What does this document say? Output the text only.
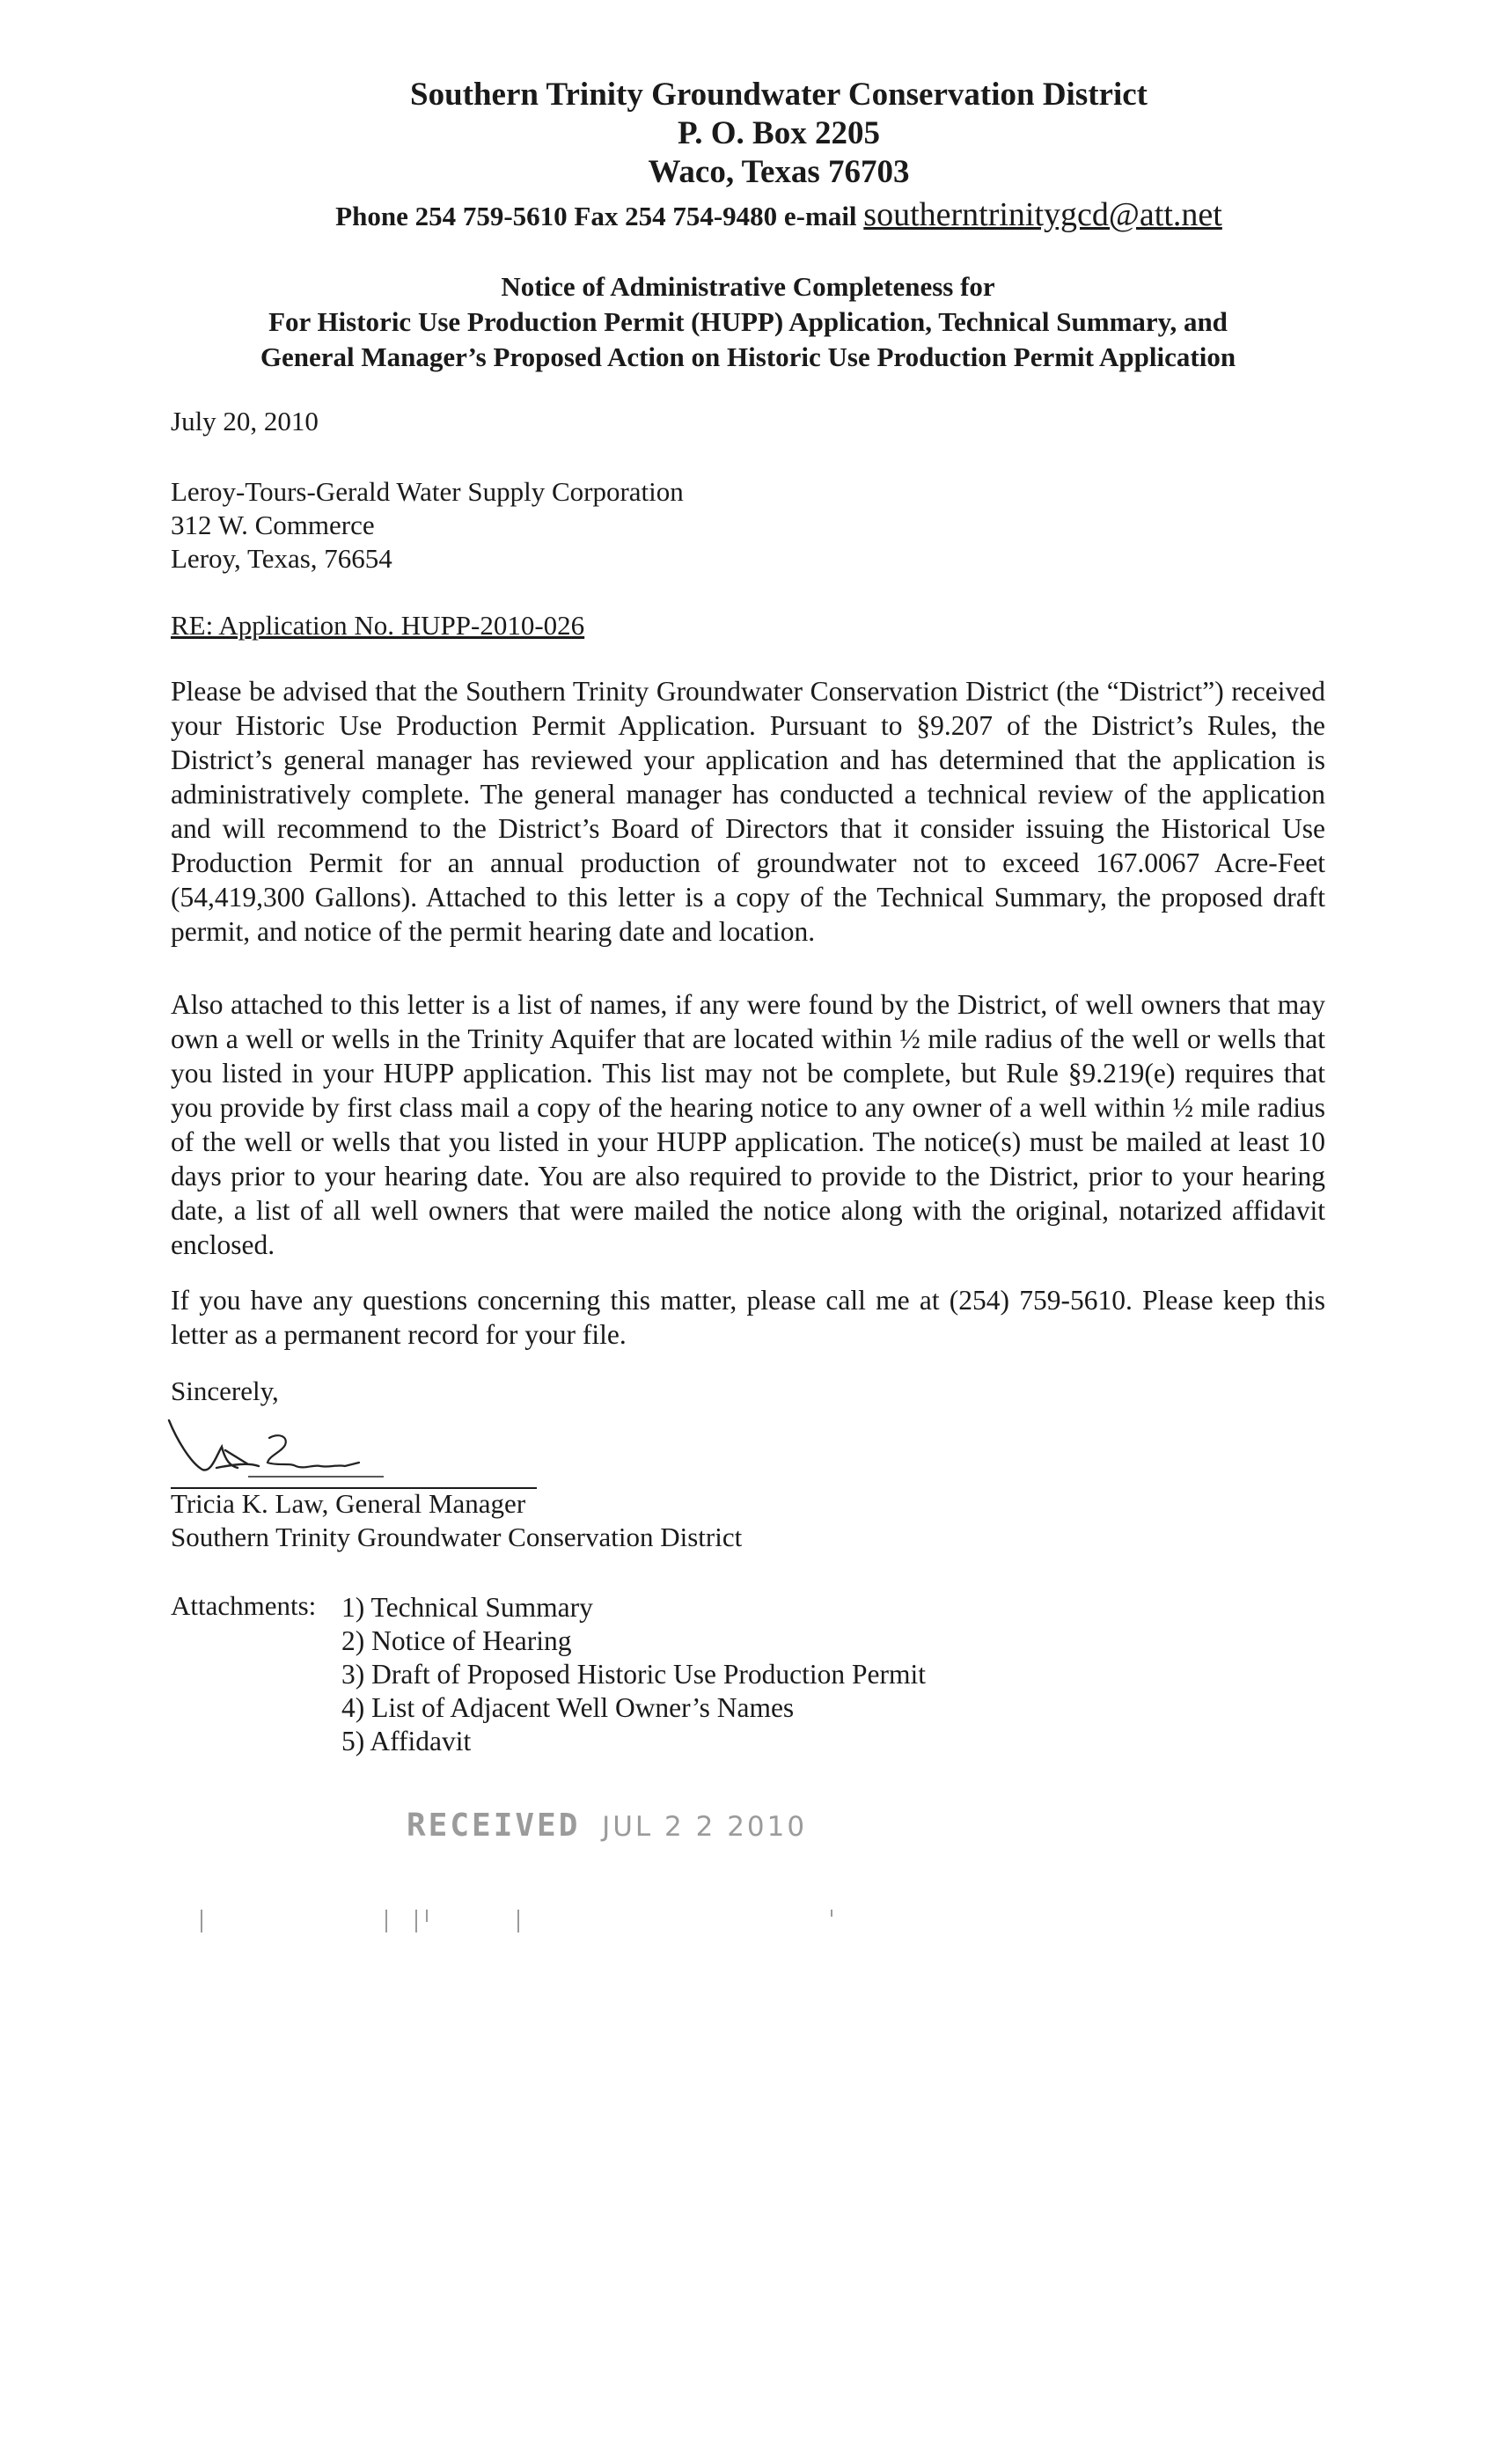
Southern Trinity Groundwater Conservation District
P. O. Box 2205
Waco, Texas 76703
Phone 254 759-5610 Fax 254 754-9480 e-mail southerntrinitygcd@att.net
Notice of Administrative Completeness for
For Historic Use Production Permit (HUPP) Application, Technical Summary, and
General Manager’s Proposed Action on Historic Use Production Permit Application
July 20, 2010
Leroy-Tours-Gerald Water Supply Corporation
312 W. Commerce
Leroy, Texas, 76654
RE: Application No. HUPP-2010-026
Please be advised that the Southern Trinity Groundwater Conservation District (the “District”) received your Historic Use Production Permit Application. Pursuant to §9.207 of the District’s Rules, the District’s general manager has reviewed your application and has determined that the application is administratively complete. The general manager has conducted a technical review of the application and will recommend to the District’s Board of Directors that it consider issuing the Historical Use Production Permit for an annual production of groundwater not to exceed 167.0067 Acre-Feet (54,419,300 Gallons). Attached to this letter is a copy of the Technical Summary, the proposed draft permit, and notice of the permit hearing date and location.
Also attached to this letter is a list of names, if any were found by the District, of well owners that may own a well or wells in the Trinity Aquifer that are located within ½ mile radius of the well or wells that you listed in your HUPP application. This list may not be complete, but Rule §9.219(e) requires that you provide by first class mail a copy of the hearing notice to any owner of a well within ½ mile radius of the well or wells that you listed in your HUPP application. The notice(s) must be mailed at least 10 days prior to your hearing date. You are also required to provide to the District, prior to your hearing date, a list of all well owners that were mailed the notice along with the original, notarized affidavit enclosed.
If you have any questions concerning this matter, please call me at (254) 759-5610. Please keep this letter as a permanent record for your file.
Sincerely,
Tricia K. Law, General Manager
Southern Trinity Groundwater Conservation District
Attachments: 1) Technical Summary
2) Notice of Hearing
3) Draft of Proposed Historic Use Production Permit
4) List of Adjacent Well Owner’s Names
5) Affidavit
RECEIVED JUL 2 2 2010
